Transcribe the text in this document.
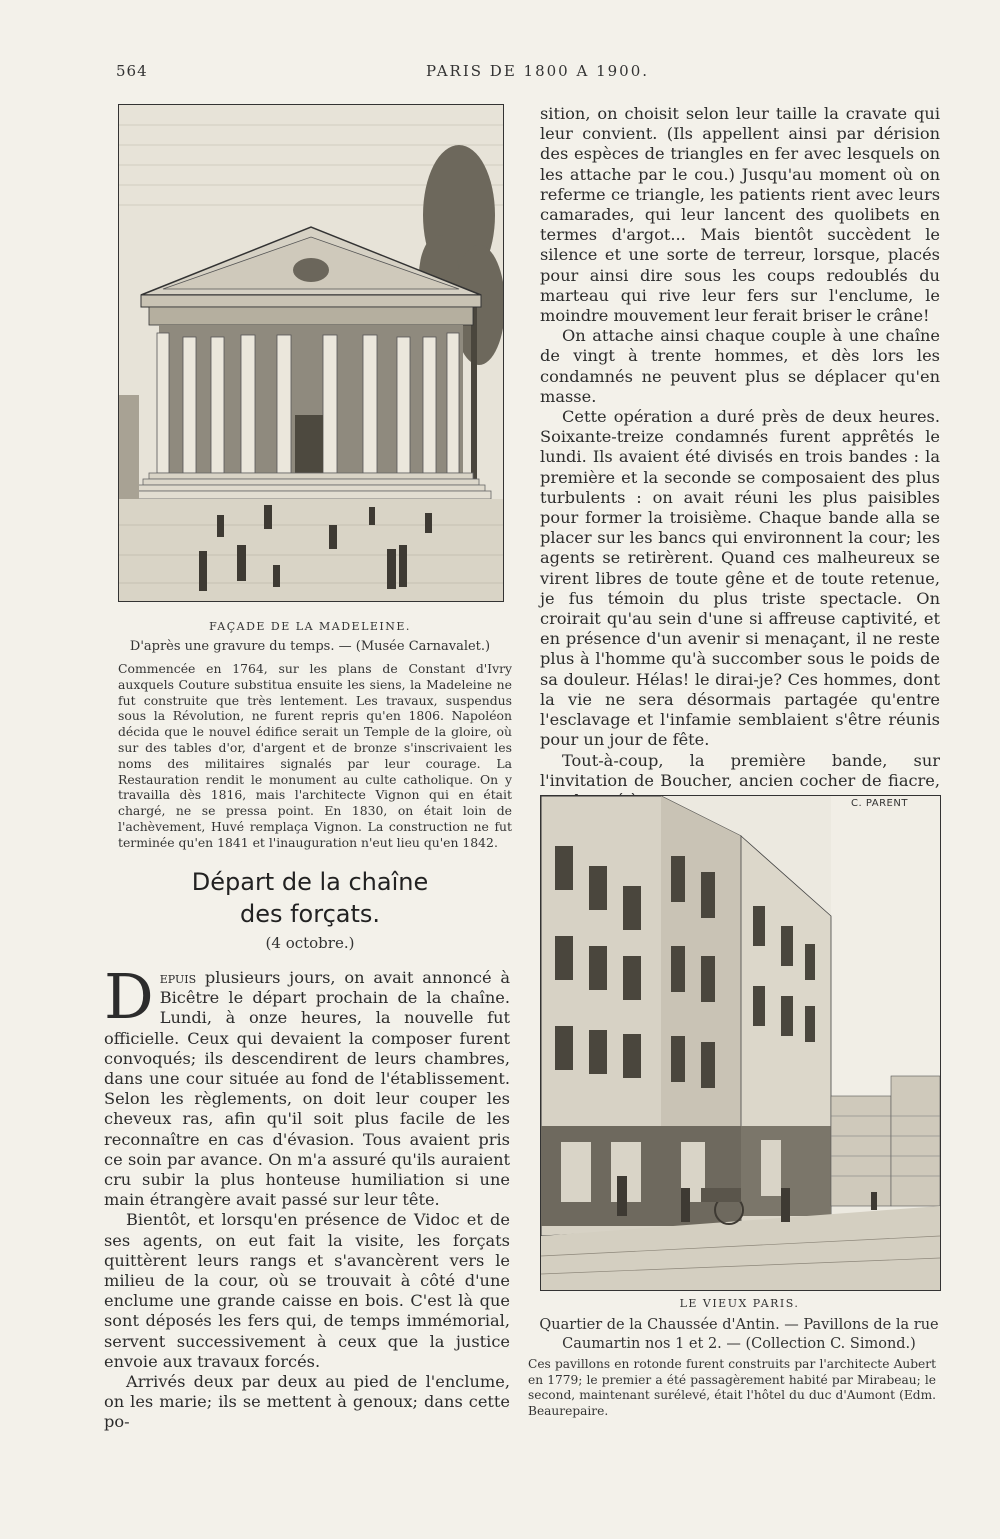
564	PARIS DE 1800 A 1900.
FAÇADE DE LA MADELEINE.
D'après une gravure du temps. — (Musée Carnavalet.)
Commencée en 1764, sur les plans de Constant d'Ivry auxquels Couture substitua ensuite les siens, la Madeleine ne fut construite que très lentement. Les travaux, suspendus sous la Révolution, ne furent repris qu'en 1806. Napoléon décida que le nouvel édifice serait un Temple de la gloire, où sur des tables d'or, d'argent et de bronze s'inscrivaient les noms des militaires signalés par leur courage. La Restauration rendit le monument au culte catholique. On y travailla dès 1816, mais l'architecte Vignon qui en était chargé, ne se pressa point. En 1830, on était loin de l'achèvement, Huvé remplaça Vignon. La construction ne fut terminée qu'en 1841 et l'inauguration n'eut lieu qu'en 1842.
Départ de la chaîne
des forçats.
(4 octobre.)

Depuis plusieurs jours, on avait annoncé à Bicêtre le départ prochain de la chaîne. Lundi, à onze heures, la nouvelle fut officielle. Ceux qui devaient la composer furent convoqués; ils descendirent de leurs chambres, dans une cour située au fond de l'établissement. Selon les règlements, on doit leur couper les cheveux ras, afin qu'il soit plus facile de les reconnaître en cas d'évasion. Tous avaient pris ce soin par avance. On m'a assuré qu'ils auraient cru subir la plus honteuse humiliation si une main étrangère avait passé sur leur tête.

Bientôt, et lorsqu'en présence de Vidoc et de ses agents, on eut fait la visite, les forçats quittèrent leurs rangs et s'avancèrent vers le milieu de la cour, où se trouvait à côté d'une enclume une grande caisse en bois. C'est là que sont déposés les fers qui, de temps immémorial, servent successivement à ceux que la justice envoie aux travaux forcés.

Arrivés deux par deux au pied de l'enclume, on les marie; ils se mettent à genoux; dans cette po-

sition, on choisit selon leur taille la cravate qui leur convient. (Ils appellent ainsi par dérision des espèces de triangles en fer avec lesquels on les attache par le cou.) Jusqu'au moment où on referme ce triangle, les patients rient avec leurs camarades, qui leur lancent des quolibets en termes d'argot... Mais bientôt succèdent le silence et une sorte de terreur, lorsque, placés pour ainsi dire sous les coups redoublés du marteau qui rive leur fers sur l'enclume, le moindre mouvement leur ferait briser le crâne!

On attache ainsi chaque couple à une chaîne de vingt à trente hommes, et dès lors les condamnés ne peuvent plus se déplacer qu'en masse.

Cette opération a duré près de deux heures. Soixante-treize condamnés furent apprêtés le lundi. Ils avaient été divisés en trois bandes : la première et la seconde se composaient des plus turbulents : on avait réuni les plus paisibles pour former la troisième. Chaque bande alla se placer sur les bancs qui environnent la cour; les agents se retirèrent. Quand ces malheureux se virent libres de toute gêne et de toute retenue, je fus témoin du plus triste spectacle. On croirait qu'au sein d'une si affreuse captivité, et en présence d'un avenir si menaçant, il ne reste plus à l'homme qu'à succomber sous le poids de sa douleur. Hélas! le dirai-je? Ces hommes, dont la vie ne sera désormais partagée qu'entre l'esclavage et l'infamie semblaient s'être réunis pour un jour de fête.

Tout-à-coup, la première bande, sur l'invitation de Boucher, ancien cocher de fiacre,

C. PARENT
LE VIEUX PARIS.
Quartier de la Chaussée d'Antin. — Pavillons de la rue Caumartin nos 1 et 2. — (Collection C. Simond.)
Ces pavillons en rotonde furent construits par l'architecte Aubert en 1779; le premier a été passagèrement habité par Mirabeau; le second, maintenant surélevé, était l'hôtel du duc d'Aumont (Edm. Beaurepaire.
